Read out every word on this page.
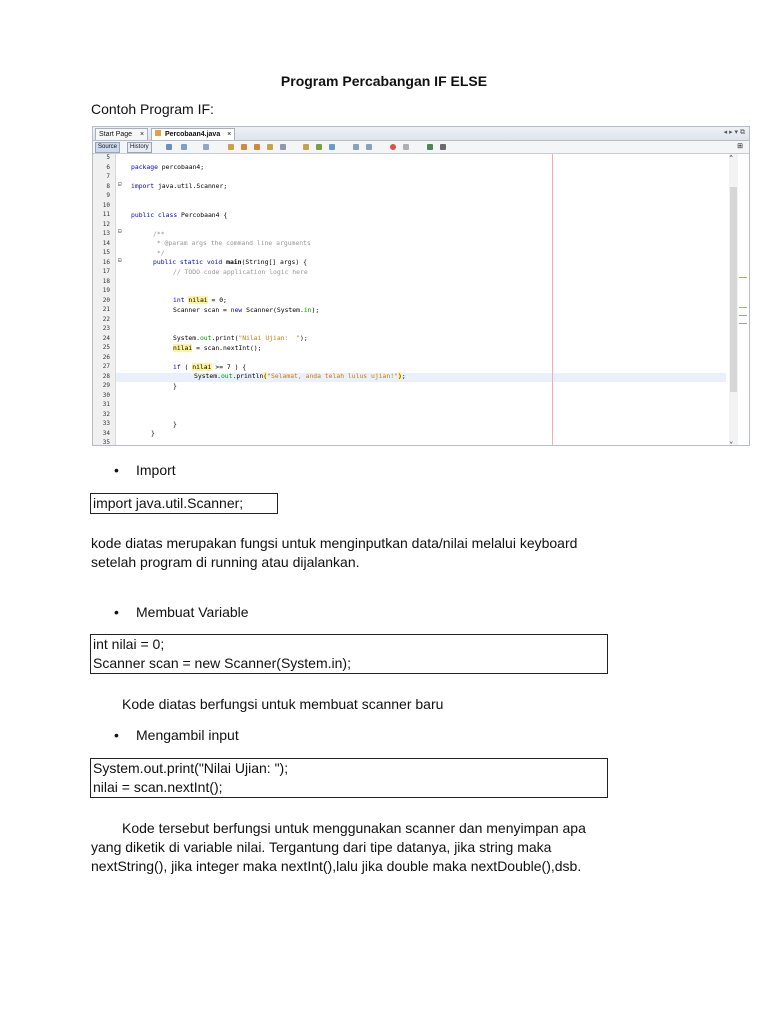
Program Percabangan IF ELSE
Contoh Program IF:
Start Page ×	Percobaan4.java ×	◂ ▸ ▾ ⧉
Source	History	⊞
5
6
7
8
9
10
11
12
13
14
15
16
17
18
19
20
21
22
23
24
25
26
27
28
29
30
31
32
33
34
35
⊟
⊟
⊟
package percobaan4;
import java.util.Scanner;
public class Percobaan4 {
/**
* @param args the command line arguments
*/
public static void main(String[] args) {
// TODO code application logic here
int nilai = 0;
Scanner scan = new Scanner(System.in);
System.out.print("Nilai Ujian:  ");
nilai = scan.nextInt();
if ( nilai >= 7 ) {
System.out.println("Selamat, anda telah lulus ujian!");
}
}
}
⌃
⌄
• Import
import java.util.Scanner;
kode diatas merupakan fungsi untuk menginputkan data/nilai melalui keyboard
setelah program di running atau dijalankan.
• Membuat Variable
int nilai = 0;
Scanner scan = new Scanner(System.in);
Kode diatas berfungsi untuk membuat scanner baru
• Mengambil input
System.out.print("Nilai Ujian: ");
nilai = scan.nextInt();
Kode tersebut berfungsi untuk menggunakan scanner dan menyimpan apa
yang diketik di variable nilai. Tergantung dari tipe datanya, jika string maka
nextString(), jika integer maka nextInt(),lalu jika double maka nextDouble(),dsb.
